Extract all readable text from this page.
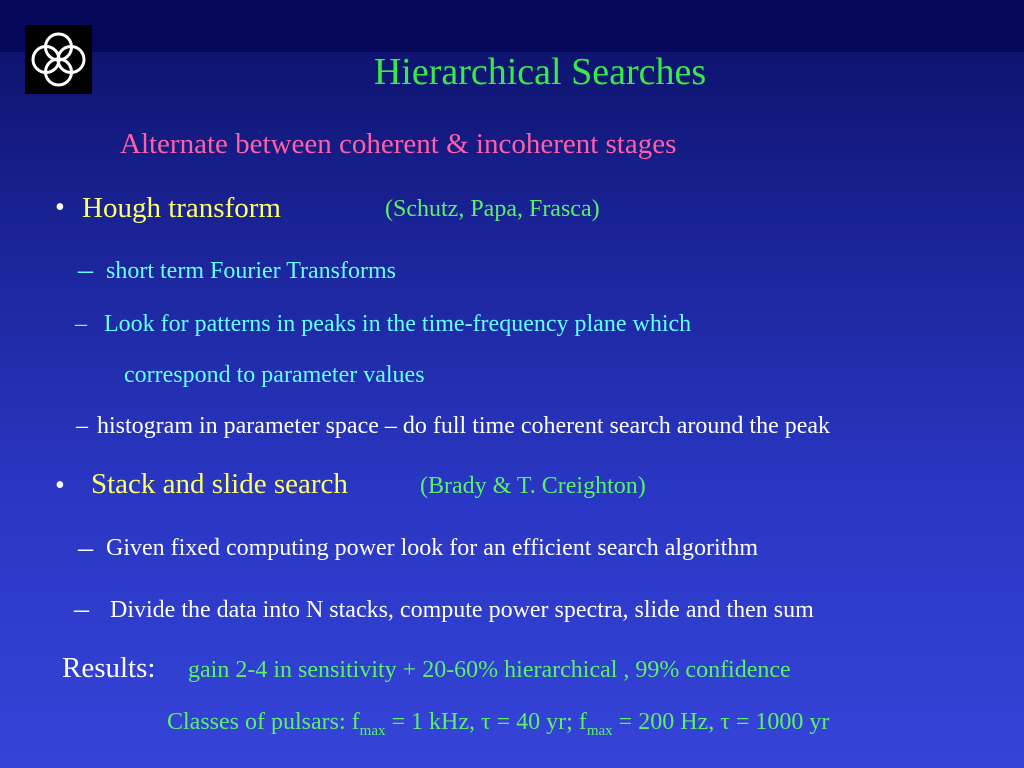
Hierarchical Searches
Alternate between coherent & incoherent stages
• Hough transform	(Schutz, Papa, Frasca)
– short term Fourier Transforms
– Look for patterns in peaks in the time-frequency plane which
correspond to parameter values
– histogram in parameter space – do full time coherent search around the peak
• Stack and slide search	(Brady & T. Creighton)
– Given fixed computing power look for an efficient search algorithm
– Divide the data into N stacks, compute power spectra, slide and then sum
Results: gain 2-4 in sensitivity + 20-60% hierarchical , 99% confidence
Classes of pulsars: $f_{max} = 1$ kHz, τ = 40 yr; $f_{max} = 200$ Hz, τ = 1000 yr
